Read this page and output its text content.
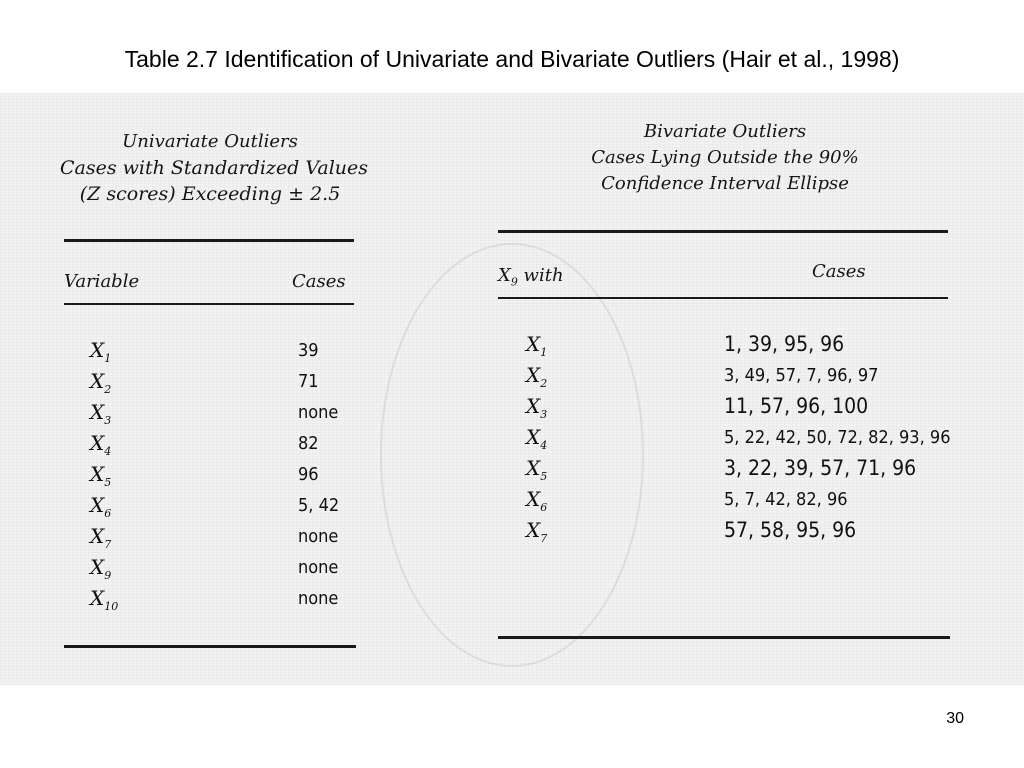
Table 2.7 Identification of Univariate and Bivariate Outliers (Hair et al., 1998)
Univariate Outliers
Cases with Standardized Values
(Z scores) Exceeding ± 2.5
Variable	Cases
$X_1$
$X_2$
$X_3$
$X_4$
$X_5$
$X_6$
$X_7$
$X_9$
$X_{10}$
39
71
none
82
96
5, 42
none
none
none
Bivariate Outliers
Cases Lying Outside the 90%
Confidence Interval Ellipse
$X_9$ with	Cases
$X_1$
$X_2$
$X_3$
$X_4$
$X_5$
$X_6$
$X_7$
1, 39, 95, 96
3, 49, 57, 7, 96, 97
11, 57, 96, 100
5, 22, 42, 50, 72, 82, 93, 96
3, 22, 39, 57, 71, 96
5, 7, 42, 82, 96
57, 58, 95, 96
30
